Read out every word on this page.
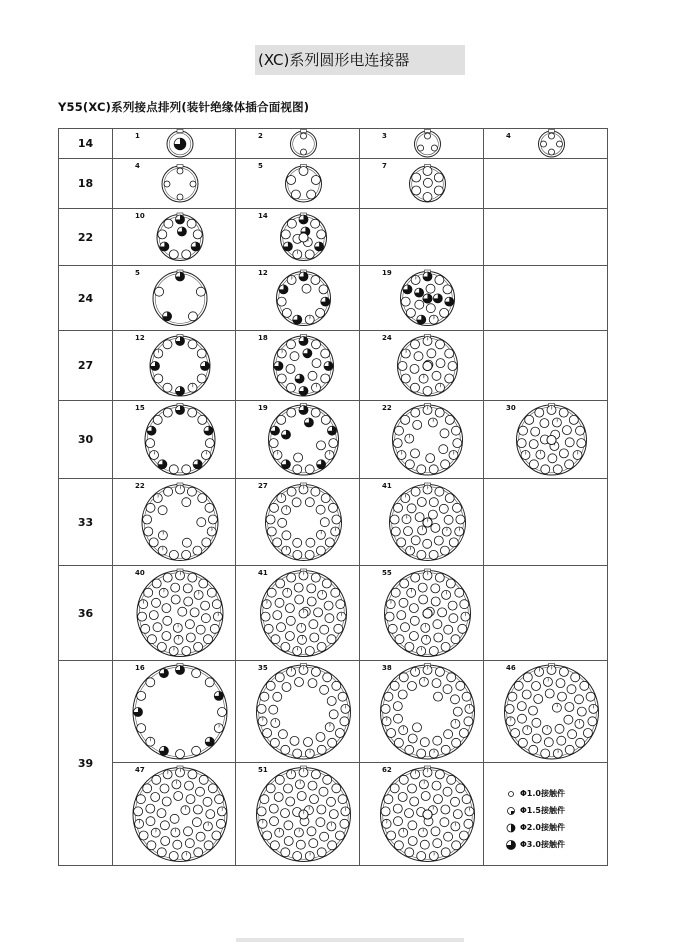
(XC)系列圆形电连接器
Y55(XC)系列接点排列(装针绝缘体插合面视图)
14	1	2	3	4

18	4	5	7	

22	10	14		

24	5	12	19	

27	12	18	24	

30	15	19	22	30

33	22	27	41	

36	40	41	55	

39	16	35	38	46

	47	51	62	Φ1.0接触件
Φ1.5接触件
Φ2.0接触件
Φ3.0接触件
